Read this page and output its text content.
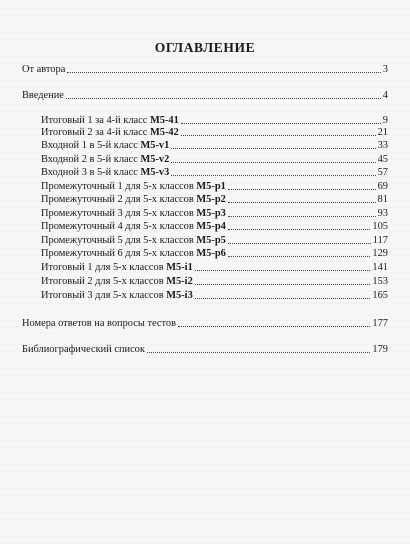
ОГЛАВЛЕНИЕ
От автора	3
Введение	4
Итоговый 1 за 4-й класс М5-41	9
Итоговый 2 за 4-й класс М5-42	21
Входной 1 в 5-й класс М5-v1	33
Входной 2 в 5-й класс М5-v2	45
Входной 3 в 5-й класс М5-v3	57
Промежуточный 1 для 5-х классов М5-p1	69
Промежуточный 2 для 5-х классов М5-p2	81
Промежуточный 3 для 5-х классов М5-p3	93
Промежуточный 4 для 5-х классов М5-p4	105
Промежуточный 5 для 5-х классов М5-p5	117
Промежуточный 6 для 5-х классов М5-p6	129
Итоговый 1 для 5-х классов М5-i1	141
Итоговый 2 для 5-х классов М5-i2	153
Итоговый 3 для 5-х классов М5-i3	165
Номера ответов на вопросы тестов	177
Библиографический список	179
